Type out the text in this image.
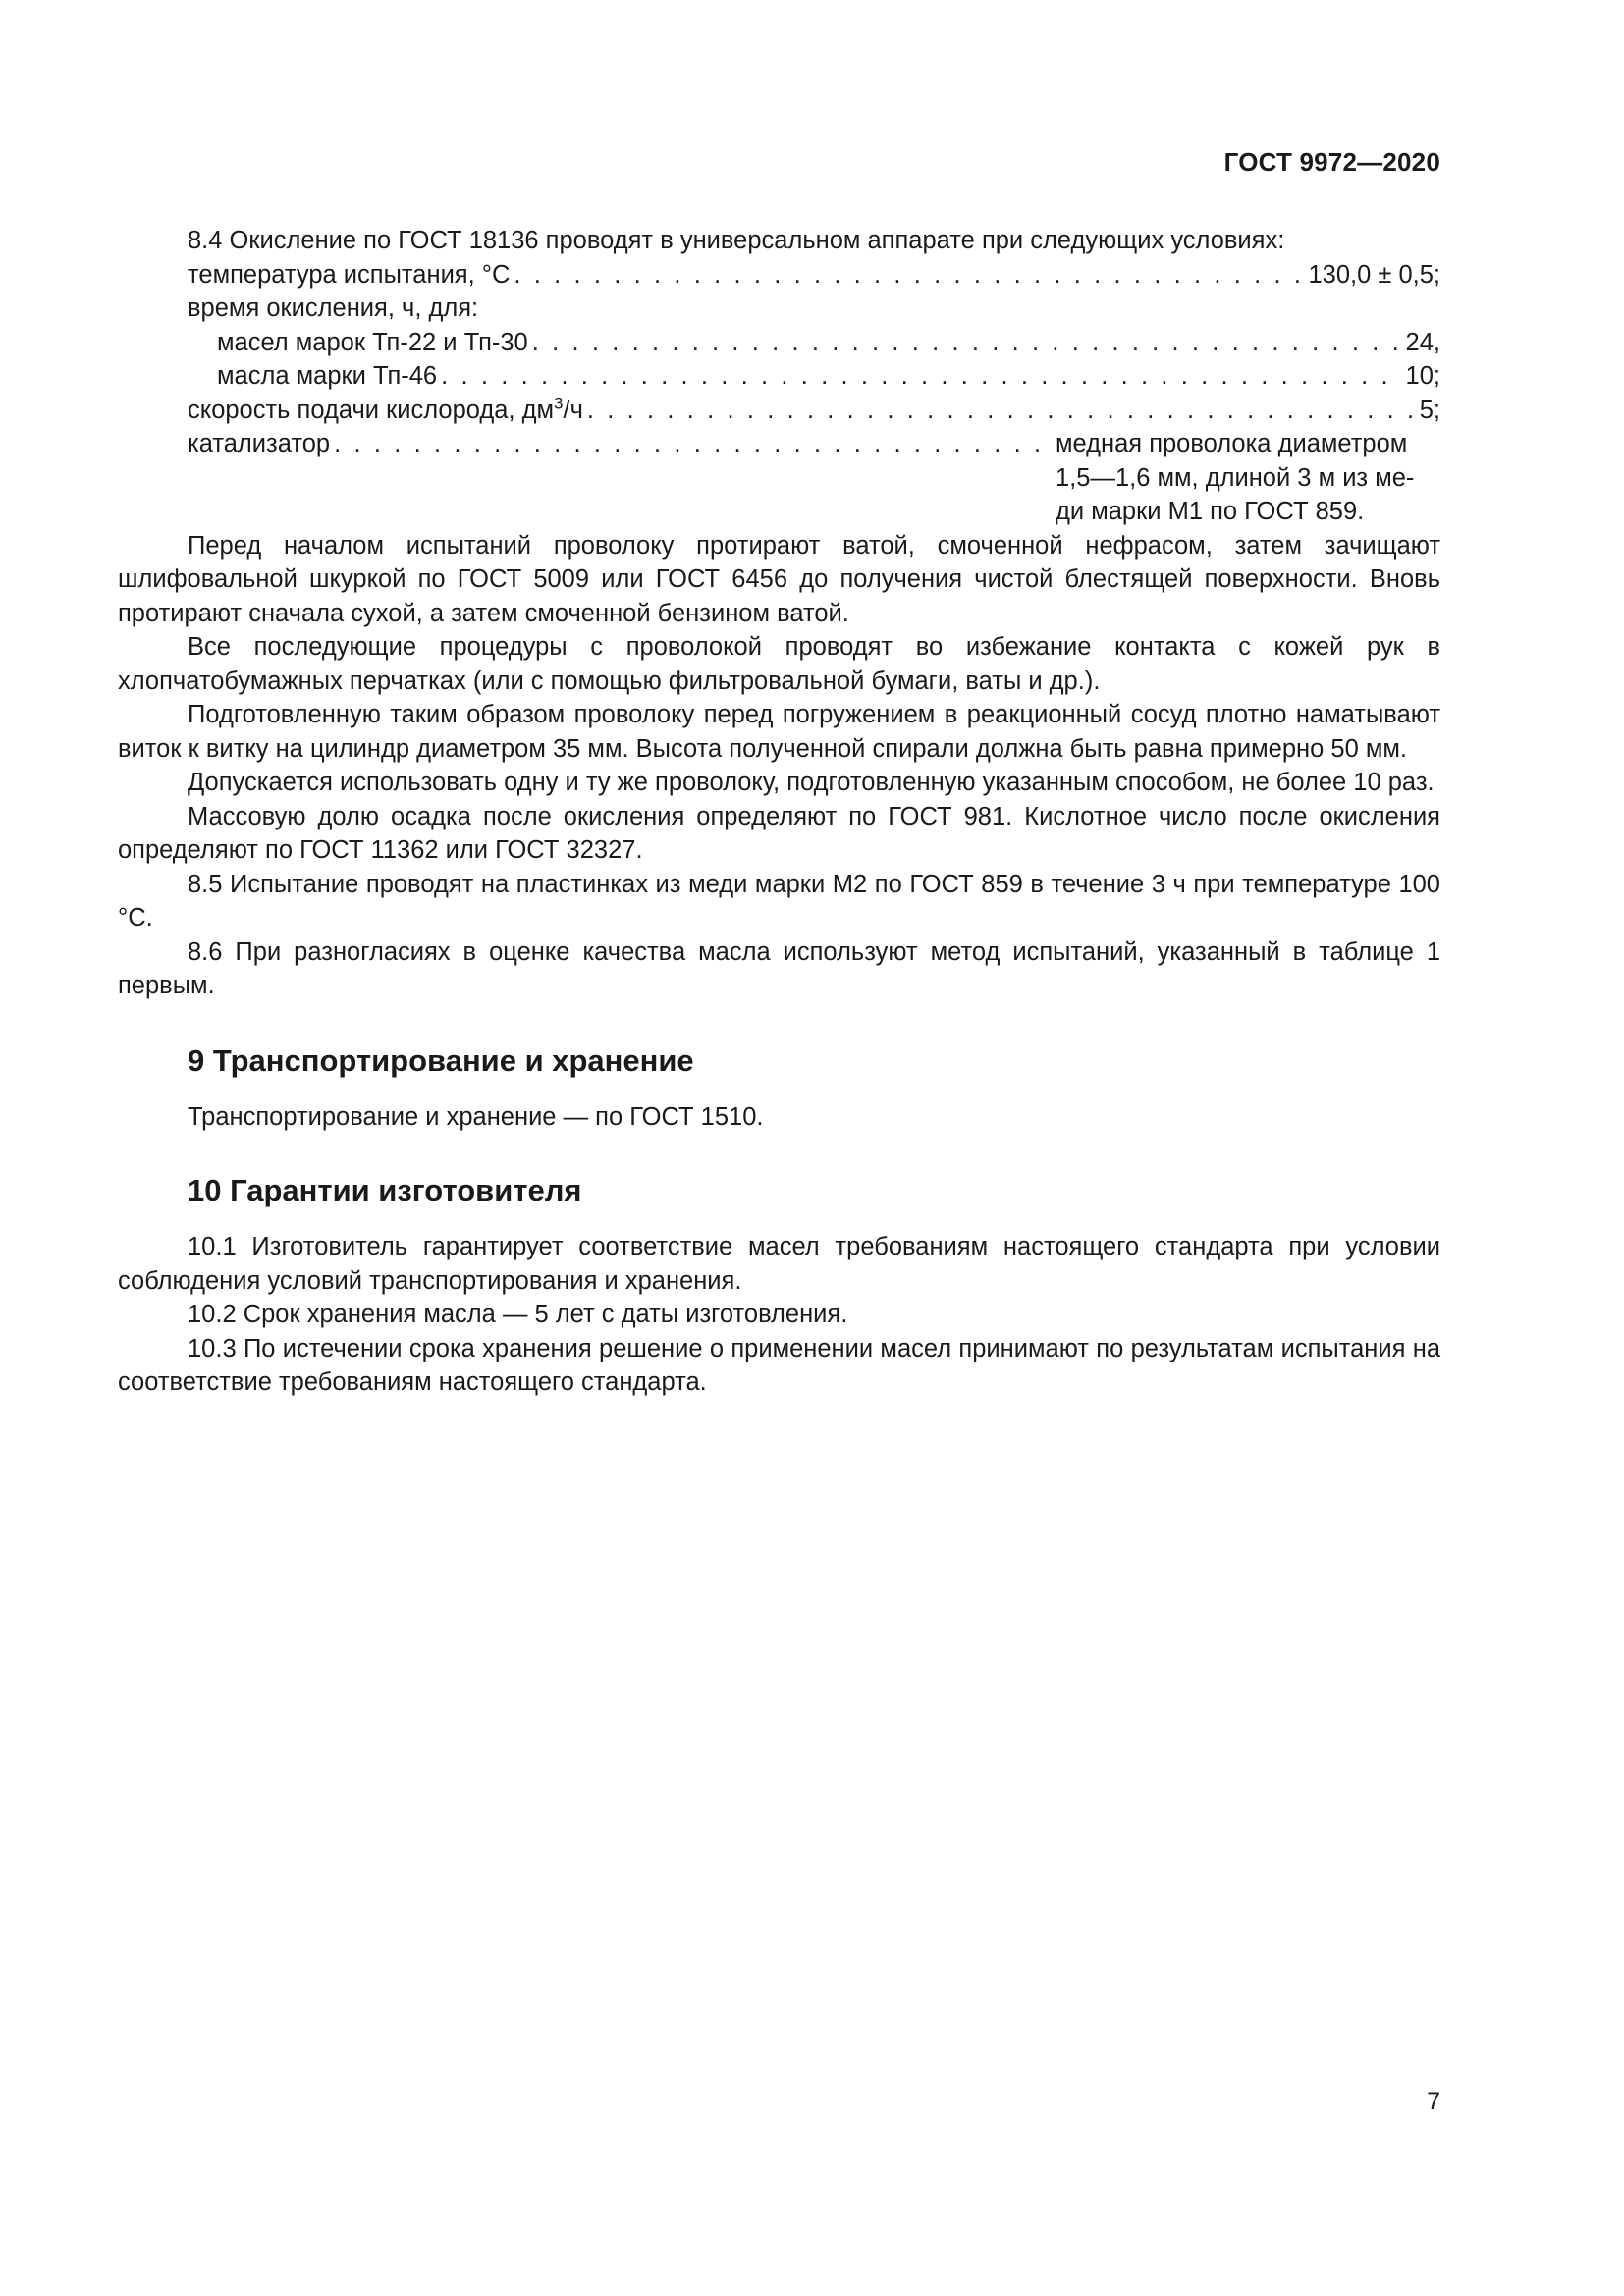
ГОСТ 9972—2020

8.4 Окисление по ГОСТ 18136 проводят в универсальном аппарате при следующих условиях:

температура испытания, °С . . .	130,0 ± 0,5;
время окисления, ч, для:
масел марок Тп-22 и Тп-30 . . .	24,
масла марки Тп-46 . . .	10;
скорость подачи кислорода, $дм^3/ч$ . . .	5;
катализатор . . .	медная проволока диаметром
1,5—1,6 мм, длиной 3 м из ме-
ди марки М1 по ГОСТ 859.

Перед началом испытаний проволоку протирают ватой, смоченной нефрасом, затем зачищают шлифовальной шкуркой по ГОСТ 5009 или ГОСТ 6456 до получения чистой блестящей поверхности. Вновь протирают сначала сухой, а затем смоченной бензином ватой.

Все последующие процедуры с проволокой проводят во избежание контакта с кожей рук в хлопчатобумажных перчатках (или с помощью фильтровальной бумаги, ваты и др.).

Подготовленную таким образом проволоку перед погружением в реакционный сосуд плотно наматывают виток к витку на цилиндр диаметром 35 мм. Высота полученной спирали должна быть равна примерно 50 мм.

Допускается использовать одну и ту же проволоку, подготовленную указанным способом, не более 10 раз.

Массовую долю осадка после окисления определяют по ГОСТ 981. Кислотное число после окисления определяют по ГОСТ 11362 или ГОСТ 32327.

8.5 Испытание проводят на пластинках из меди марки М2 по ГОСТ 859 в течение 3 ч при температуре 100 °С.

8.6 При разногласиях в оценке качества масла используют метод испытаний, указанный в таблице 1 первым.

9 Транспортирование и хранение

Транспортирование и хранение — по ГОСТ 1510.

10 Гарантии изготовителя

10.1 Изготовитель гарантирует соответствие масел требованиям настоящего стандарта при условии соблюдения условий транспортирования и хранения.

10.2 Срок хранения масла — 5 лет с даты изготовления.

10.3 По истечении срока хранения решение о применении масел принимают по результатам испытания на соответствие требованиям настоящего стандарта.

7
